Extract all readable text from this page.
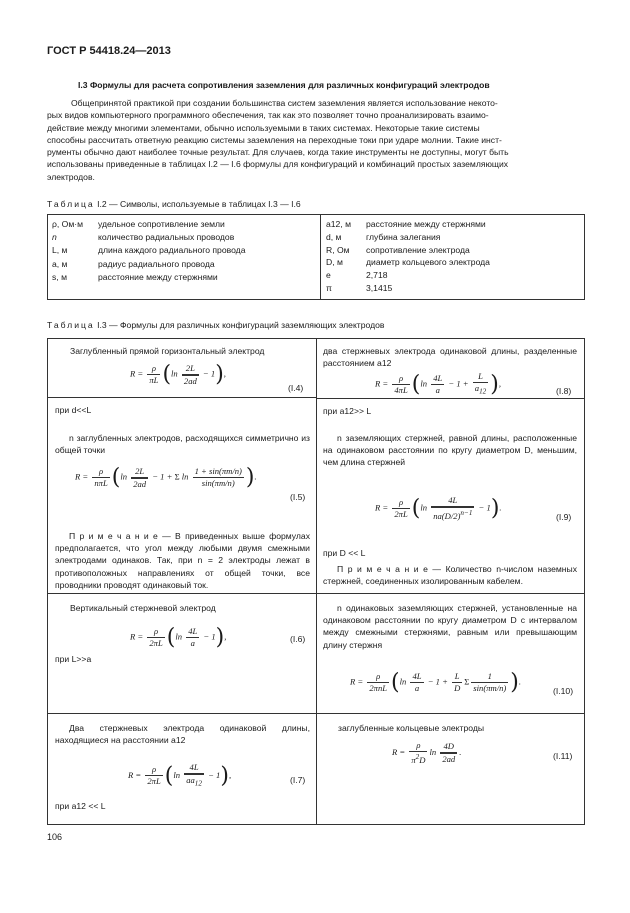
ГОСТ Р 54418.24—2013
I.3 Формулы для расчета сопротивления заземления для различных конфигураций электродов
Общепринятой практикой при создании большинства систем заземления является использование некото-
рых видов компьютерного программного обеспечения, так как это позволяет точно проанализировать взаимо-
действие между многими элементами, обычно используемыми в таких системах. Некоторые такие системы
способны рассчитать ответную реакцию системы заземления на переходные токи при ударе молнии. Такие инст-
рументы обычно дают наиболее точные результат. Для случаев, когда такие инструменты не доступны, могут быть
использованы приведенные в таблицах I.2 — I.6 формулы для конфигураций и комбинаций простых заземляющих
электродов.
Таблица I.2 — Символы, используемые в таблицах I.3 — I.6
ρ, Ом·м удельное сопротивление земли
n	количество радиальных проводов
L, м	длина каждого радиального провода
a, м	радиус радиального провода
s, м	расстояние между стержнями
a12, м расстояние между стержнями
d, м	глубина залегания
R, Ом сопротивление электрода
D, м	диаметр кольцевого электрода
e	2,718
π	3,1415
Таблица I.3 — Формулы для различных конфигураций заземляющих электродов
Заглубленный прямой горизонтальный электрод
$R = \frac{\rho}{\pi L} (\ln \frac{2L}{2ad} - 1)$,
(I.4)
при d<<L
два стержневых электрода одинаковой длины, разделенные расстоянием a12
$R = \frac{\rho}{4\pi L} (\ln \frac{4L}{a} - 1 + \frac{L}{a_{12}}$ ),
(I.8)
при a12>> L
n заглубленных электродов, расходящихся симметрично из общей точки
$R = \frac{\rho}{\text{nπL}} (\ln \frac{2L}{2ad} - 1 + \Sigma$ $\ln \frac{1 + \sin(\pi m/n)}{\sin(\pi m/n)}$ ).
(I.5)
П р и м е ч а н и е — В приведенных выше формулах предполагается, что угол между любыми двумя смежными электродами одинаков. Так, при n = 2 электроды лежат в противоположных направлениях от общей точки, все проводники проводят одинаковый ток.
n заземляющих стержней, равной длины, расположенные на одинаковом расстоянии по кругу диаметром D, меньшим, чем длина стержней
$R = \frac{\rho}{2\pi L} (\ln \frac{4L}{na(D/2)^{n-1}} - 1)$.
(I.9)
при D << L
П р и м е ч а н и е — Количество n-числом наземных стержней, соединенных изолированным кабелем.
Вертикальный стержневой электрод
$R = \frac{\rho}{2\pi L} (\ln \frac{4L}{a} - 1)$,	(I.6)
при L>>a
n одинаковых заземляющих стержней, установленные на одинаковом расстоянии по кругу диаметром D с интервалом между смежными стержнями, равным или превышающим длину стержня
$R = \frac{\rho}{\text{2πnL}} (\ln \frac{4L}{a} - 1 + \frac{L}{D}$ Σ $\frac{1}{\sin(\pi m/n)}$ ).
(I.10)
Два стержневых электрода одинаковой длины, находящиеся на расстоянии a12
$R = \frac{\rho}{2\pi L} (\ln \frac{4L}{aa_{12}} - 1)$,
(I.7)
при a12 << L
заглубленные кольцевые электроды
$R = \frac{\rho}{\pi^2D}$ $\ln \frac{4D}{2ad}$ .	(I.11)
106
